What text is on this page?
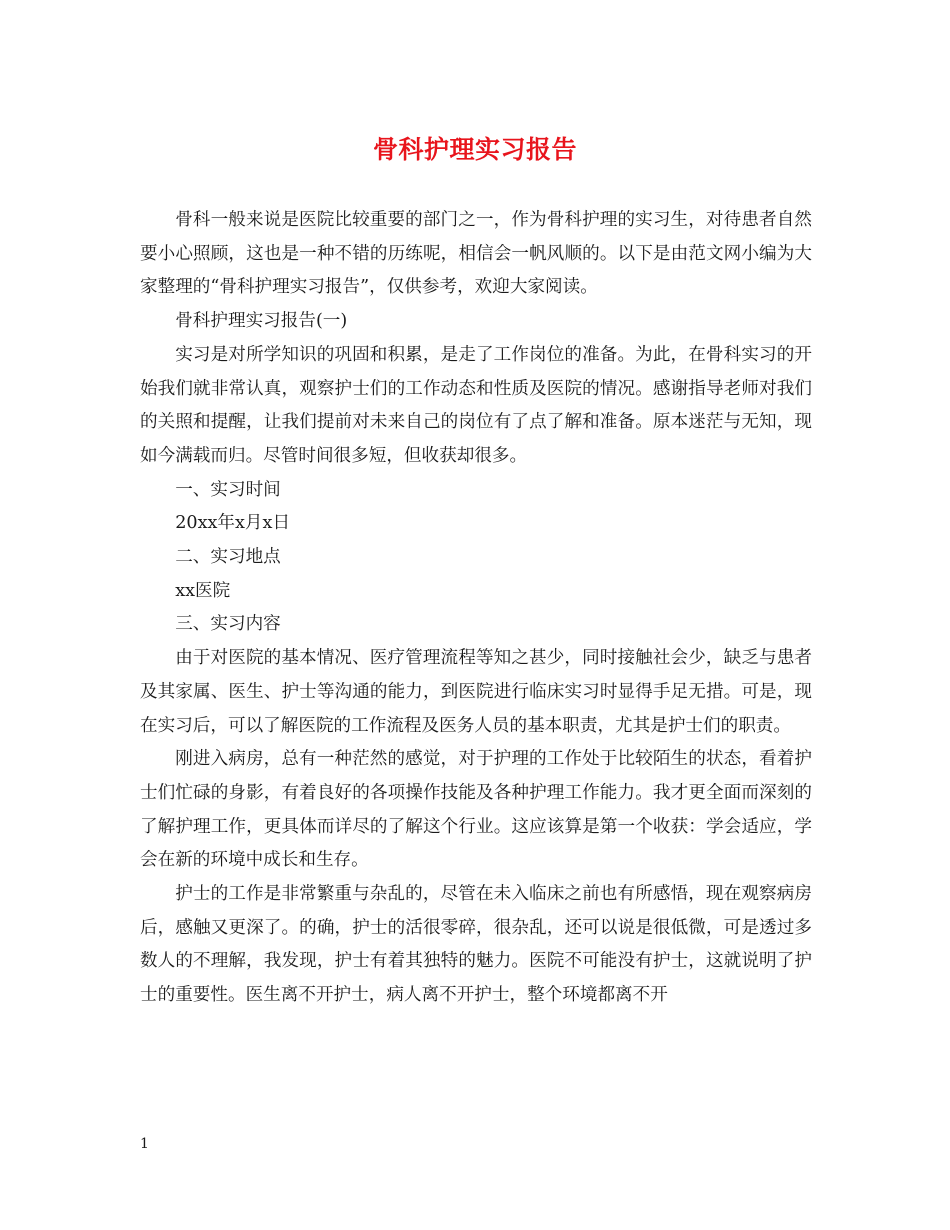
骨科护理实习报告

骨科一般来说是医院比较重要的部门之一，作为骨科护理的实习生，对待患者自然要小心照顾，这也是一种不错的历练呢，相信会一帆风顺的。以下是由范文网小编为大家整理的“骨科护理实习报告”，仅供参考，欢迎大家阅读。

骨科护理实习报告(一)

实习是对所学知识的巩固和积累，是走了工作岗位的准备。为此，在骨科实习的开始我们就非常认真，观察护士们的工作动态和性质及医院的情况。感谢指导老师对我们的关照和提醒，让我们提前对未来自己的岗位有了点了解和准备。原本迷茫与无知，现如今满载而归。尽管时间很多短，但收获却很多。

一、实习时间

20xx年x月x日

二、实习地点

xx医院

三、实习内容

由于对医院的基本情况、医疗管理流程等知之甚少，同时接触社会少，缺乏与患者及其家属、医生、护士等沟通的能力，到医院进行临床实习时显得手足无措。可是，现在实习后，可以了解医院的工作流程及医务人员的基本职责，尤其是护士们的职责。

刚进入病房，总有一种茫然的感觉，对于护理的工作处于比较陌生的状态，看着护士们忙碌的身影，有着良好的各项操作技能及各种护理工作能力。我才更全面而深刻的了解护理工作，更具体而详尽的了解这个行业。这应该算是第一个收获：学会适应，学会在新的环境中成长和生存。

护士的工作是非常繁重与杂乱的，尽管在未入临床之前也有所感悟，现在观察病房后，感触又更深了。的确，护士的活很零碎，很杂乱，还可以说是很低微，可是透过多数人的不理解，我发现，护士有着其独特的魅力。医院不可能没有护士，这就说明了护士的重要性。医生离不开护士，病人离不开护士，整个环境都离不开

1
